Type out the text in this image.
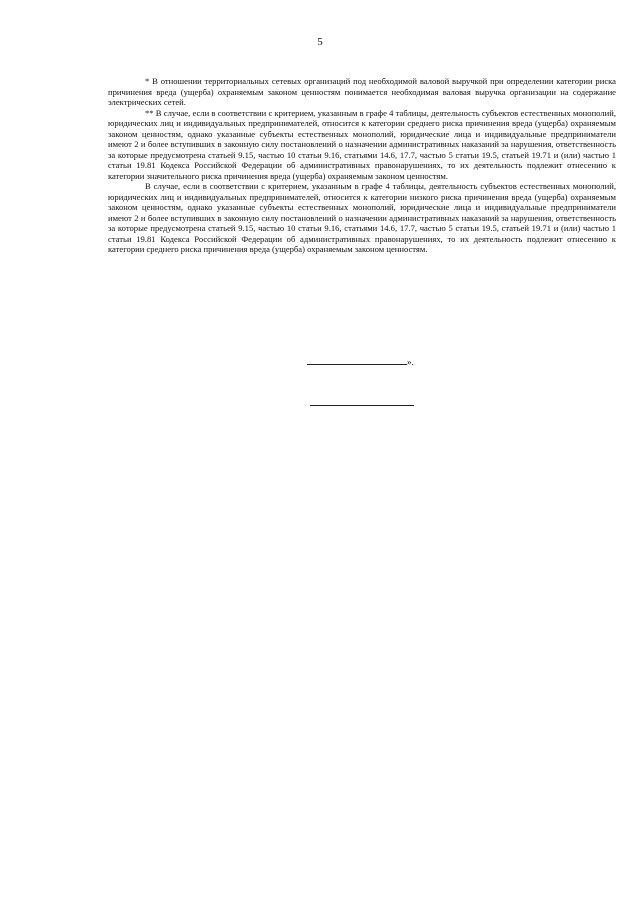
5

* В отношении территориальных сетевых организаций под необходимой валовой выручкой при определении категории риска причинения вреда (ущерба) охраняемым законом ценностям понимается необходимая валовая выручка организации на содержание электрических сетей.

** В случае, если в соответствии с критерием, указанным в графе 4 таблицы, деятельность субъектов естественных монополий, юридических лиц и индивидуальных предпринимателей, относится к категории среднего риска причинения вреда (ущерба) охраняемым законом ценностям, однако указанные субъекты естественных монополий, юридические лица и индивидуальные предприниматели имеют 2 и более вступивших в законную силу постановлений о назначении административных наказаний за нарушения, ответственность за которые предусмотрена статьей 9.15, частью 10 статьи 9.16, статьями 14.6, 17.7, частью 5 статьи 19.5, статьей 19.71 и (или) частью 1 статьи 19.81 Кодекса Российской Федерации об административных правонарушениях, то их деятельность подлежит отнесению к категории значительного риска причинения вреда (ущерба) охраняемым законом ценностям.

В случае, если в соответствии с критерием, указанным в графе 4 таблицы, деятельность субъектов естественных монополий, юридических лиц и индивидуальных предпринимателей, относится к категории низкого риска причинения вреда (ущерба) охраняемым законом ценностям, однако указанные субъекты естественных монополий, юридические лица и индивидуальные предприниматели имеют 2 и более вступивших в законную силу постановлений о назначении административных наказаний за нарушения, ответственность за которые предусмотрена статьей 9.15, частью 10 статьи 9.16, статьями 14.6, 17.7, частью 5 статьи 19.5, статьей 19.71 и (или) частью 1 статьи 19.81 Кодекса Российской Федерации об административных правонарушениях, то их деятельность подлежит отнесению к категории среднего риска причинения вреда (ущерба) охраняемым законом ценностям.

».
